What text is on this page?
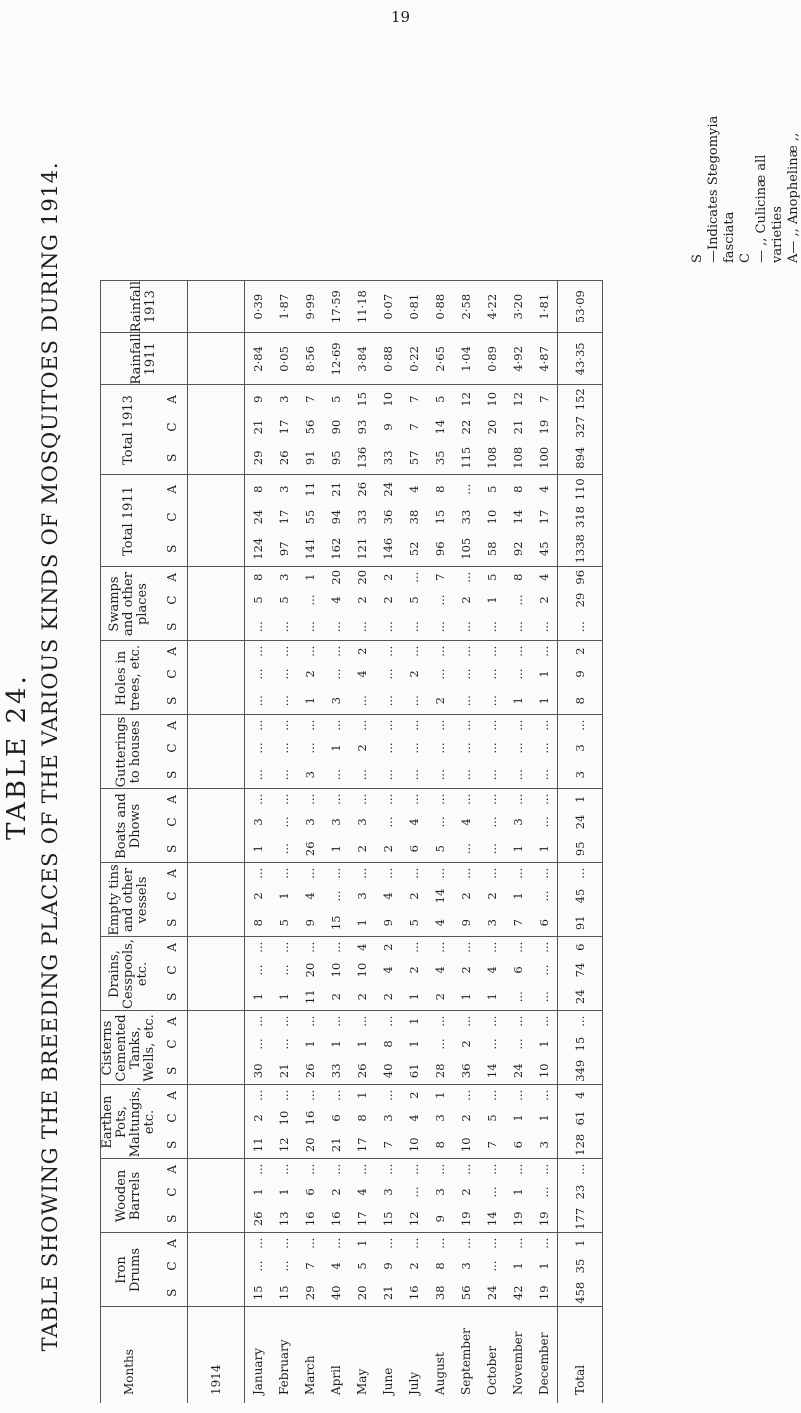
19
TABLE 24. TABLE SHOWING THE BREEDING PLACES OF THE VARIOUS KINDS OF MOSQUITOES DURING 1914.
Months	Iron Drums			Wooden Barrels			Earthen Pots, Maltungis, etc.			Cisterns Cemented Tanks, Wells, etc.			Drains, Cesspools, etc.			Empty tins and other vessels			Boats and Dhows			Gutterings to houses			Holes in trees, etc.			Swamps and other places			Total 1911			Total 1913			Rainfall 1911	Rainfall 1913
	S	C	A	S	C	A	S	C	A	S	C	A	S	C	A	S	C	A	S	C	A	S	C	A	S	C	A	S	C	A	S	C	A	S	C	A		
1914																																						
January	15	...	...	26	1	...	11	2	...	30	...	...	1	...	...	8	2	...	1	3	...	...	...	...	...	...	...	...	5	8	124	24	8	29	21	9	2·84	0·39
February	15	...	...	13	1	...	12	10	...	21	...	...	1	...	...	5	1	...	...	...	...	...	...	...	...	...	...	...	5	3	97	17	3	26	17	3	0·05	1·87
March	29	7	...	16	6	...	20	16	...	26	1	...	11	20	...	9	4	...	26	3	...	3	...	...	1	2	...	...	...	1	141	55	11	91	56	7	8·56	9·99
April	40	4	...	16	2	...	21	6	...	33	1	...	2	10	...	15	...	...	1	3	...	...	1	...	3	...	...	...	4	20	162	94	21	95	90	5	12·69	17·59
May	20	5	1	17	4	...	17	8	1	26	1	...	2	10	4	1	3	...	2	3	...	...	2	...	...	4	2	...	2	20	121	33	26	136	93	15	3·84	11·18
June	21	9	...	15	3	...	7	3	...	40	8	...	2	4	2	9	4	...	2	...	...	...	...	...	...	...	...	...	2	2	146	36	24	33	9	10	0·88	0·07
July	16	2	...	12	...	...	10	4	2	61	1	1	1	2	...	5	2	...	6	4	...	...	...	...	...	2	...	...	5	...	52	38	4	57	7	7	0·22	0·81
August	38	8	...	9	3	...	8	3	1	28	...	...	2	4	...	4	14	...	5	...	...	...	...	...	2	...	...	...	...	7	96	15	8	35	14	5	2·65	0·88
September	56	3	...	19	2	...	10	2	...	36	2	...	1	2	...	9	2	...	...	4	...	...	...	...	...	...	...	...	2	...	105	33	...	115	22	12	1·04	2·58
October	24	...	...	14	...	...	7	5	...	14	...	...	1	4	...	3	2	...	...	...	...	...	...	...	...	...	...	...	1	5	58	10	5	108	20	10	0·89	4·22
November	42	1	...	19	1	...	6	1	...	24	...	...	...	6	...	7	1	...	1	3	...	...	...	...	1	...	...	...	...	8	92	14	8	108	21	12	4·92	3·20
December	19	1	...	19	...	...	3	1	...	10	1	...	...	...	...	6	...	...	1	...	...	...	...	...	1	1	...	...	2	4	45	17	4	100	19	7	4·87	1·81
Total	458	35	1	177	23	...	128	61	4	349	15	...	24	74	6	91	45	...	95	24	1	3	3	...	8	9	2	...	29	96	1338	318	110	894	327	152	43·35	53·09
S—Indicates Stegomyia fasciata C— ,, Culicinæ all varieties A— ,, Anophelinæ ,,
